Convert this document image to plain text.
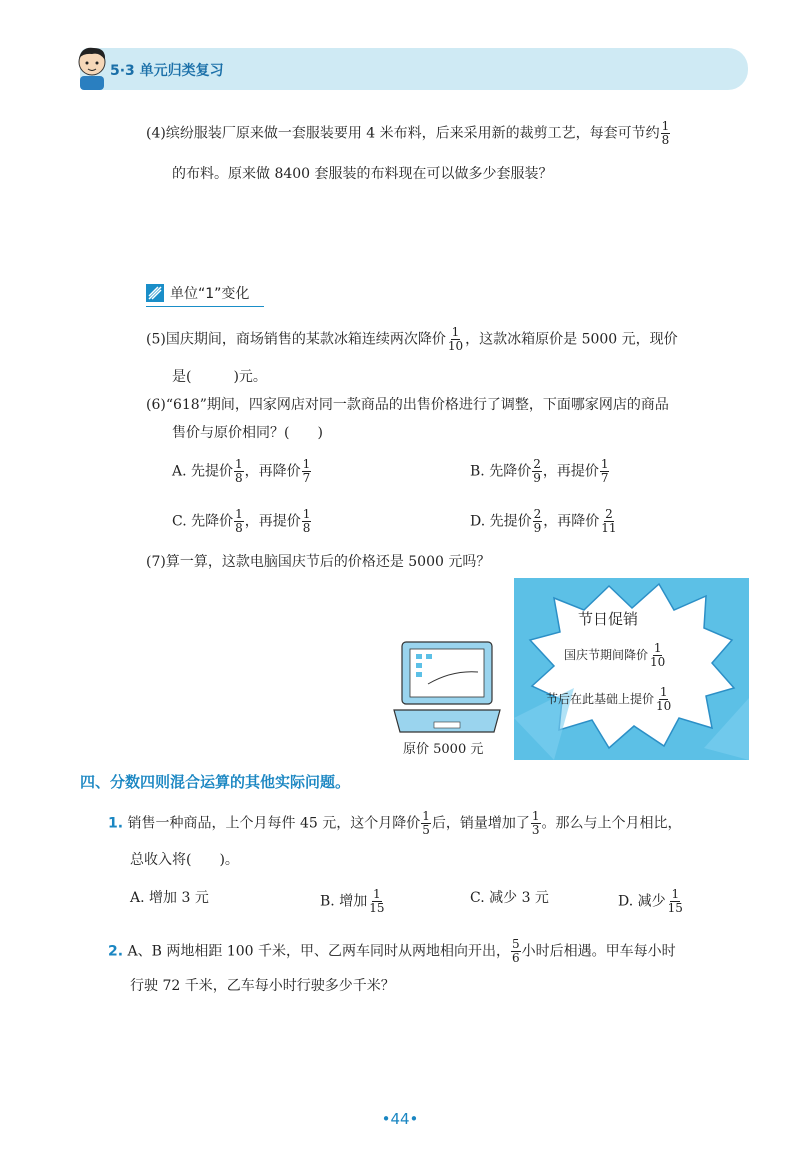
5·3 单元归类复习
(4)缤纷服装厂原来做一套服装要用 4 米布料，后来采用新的裁剪工艺，每套可节约 $\frac{1}{8}$
的布料。原来做 8400 套服装的布料现在可以做多少套服装？
单位“1”变化
(5)国庆期间，商场销售的某款冰箱连续两次降价 $\frac{1}{10}$ ，这款冰箱原价是 5000 元，现价
是(　　　)元。
(6)“618”期间，四家网店对同一款商品的出售价格进行了调整，下面哪家网店的商品
售价与原价相同？(　　)
A. 先提价 $\frac{1}{8}$ ，再降价 $\frac{1}{7}$	B. 先降价 $\frac{2}{9}$ ，再提价 $\frac{1}{7}$
C. 先降价 $\frac{1}{8}$ ，再提价 $\frac{1}{8}$	D. 先提价 $\frac{2}{9}$ ，再降价 $\frac{2}{11}$
(7)算一算，这款电脑国庆节后的价格还是 5000 元吗？
节日促销
国庆节期间降价 $\frac{1}{10}$
节后在此基础上提价 $\frac{1}{10}$
原价 5000 元
四、分数四则混合运算的其他实际问题。
1. 销售一种商品，上个月每件 45 元，这个月降价 $\frac{1}{5}$ 后，销量增加了 $\frac{1}{3}$ 。那么与上个月相比，
总收入将(　　)。
A. 增加 3 元	B. 增加 $\frac{1}{15}$	C. 减少 3 元	D. 减少 $\frac{1}{15}$
2. A、B 两地相距 100 千米，甲、乙两车同时从两地相向开出， $\frac{5}{6}$ 小时后相遇。甲车每小时
行驶 72 千米，乙车每小时行驶多少千米？
•44•
